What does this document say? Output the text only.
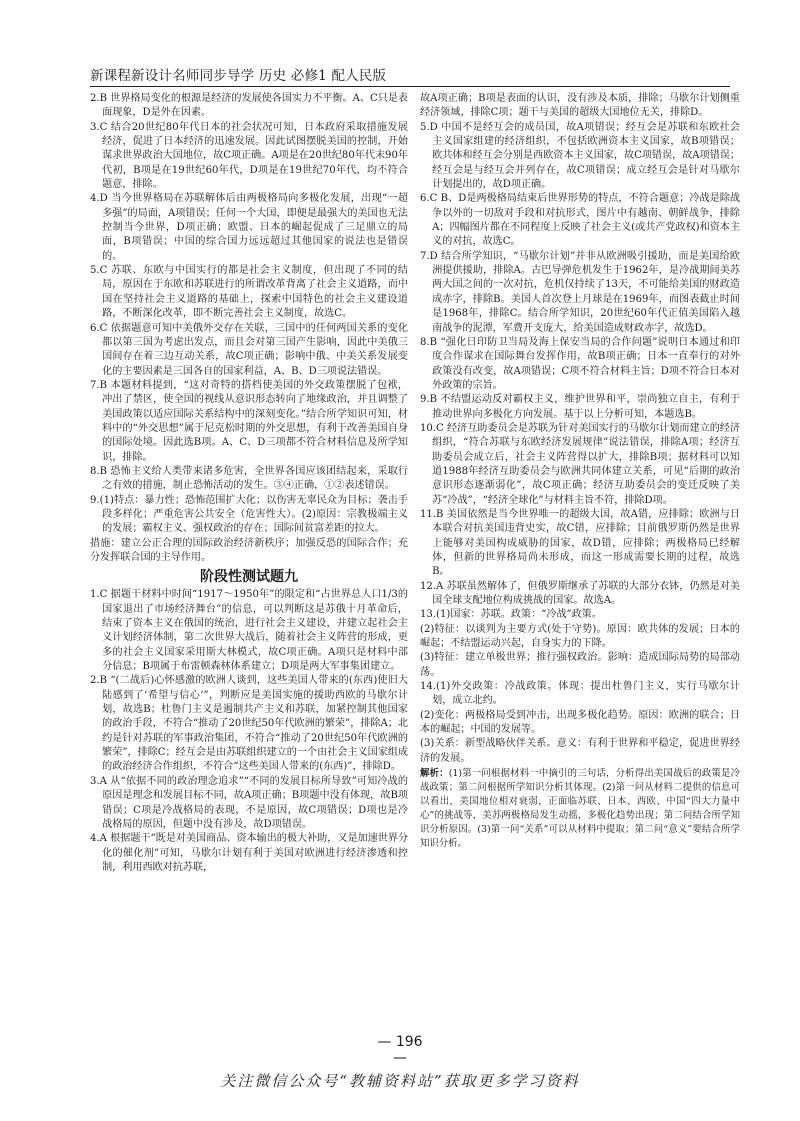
新课程新设计名师同步导学 历史 必修1 配人民版

2.B 世界格局变化的根源是经济的发展使各国实力不平衡。A、C只是表面现象，D是外在因素。

3.C 结合20世纪80年代日本的社会状况可知，日本政府采取措施发展经济，促进了日本经济的迅速发展。因此试图摆脱美国的控制，开始谋求世界政治大国地位，故C项正确。A项是在20世纪80年代末90年代初，B项是在19世纪60年代，D项是在19世纪70年代，均不符合题意，排除。

4.D 当今世界格局在苏联解体后由两极格局向多极化发展，出现“一超多强”的局面，A项错误；任何一个大国，即便是最强大的美国也无法控制当今世界，D项正确；欧盟、日本的崛起促成了三足鼎立的局面，B项错误；中国的综合国力远远超过其他国家的说法也是错误的。

5.C 苏联、东欧与中国实行的都是社会主义制度，但出现了不同的结局，原因在于东欧和苏联进行的所谓改革背离了社会主义道路，而中国在坚持社会主义道路的基础上，探索中国特色的社会主义建设道路，不断深化改革，即不断完善社会主义制度，故选C。

6.C 依据题意可知中美俄外交存在关联，三国中的任何两国关系的变化都以第三国为考虑出发点，而且会对第三国产生影响，因此中美俄三国间存在着三边互动关系，故C项正确；影响中俄、中美关系发展变化的主要因素是三国各自的国家利益，A、B、D三项说法错误。

7.B 本题材料提到，“这对奇特的搭档使美国的外交政策摆脱了包袱，冲出了禁区，使全国的视线从意识形态转向了地缘政治，并且调整了美国政策以适应国际关系结构中的深刻变化。”结合所学知识可知，材料中的“外交思想”属于尼克松时期的外交思想，有利于改善美国自身的国际处境。因此选B项。A、C、D三项都不符合材料信息及所学知识，排除。

8.B 恐怖主义给人类带来诸多危害，全世界各国应该团结起来，采取行之有效的措施，制止恐怖活动的发生。③④正确，①②表述错误。

9.(1)特点：暴力性；恐怖范围扩大化；以伤害无辜民众为目标；袭击手段多样化；严重危害公共安全（危害性大）。(2)原因：宗教极端主义的发展；霸权主义、强权政治的存在；国际间贫富差距的拉大。

措施：建立公正合理的国际政治经济新秩序；加强反恐的国际合作；充分发挥联合国的主导作用。

阶段性测试题九

1.C 据题干材料中时间“1917～1950年”的限定和“占世界总人口1/3的国家退出了市场经济舞台”的信息，可以判断这是苏俄十月革命后，结束了资本主义在俄国的统治，进行社会主义建设，并建立起社会主义计划经济体制，第二次世界大战后，随着社会主义阵营的形成，更多的社会主义国家采用斯大林模式，故C项正确。A项只是材料中部分信息；B项属于布雷顿森林体系建立；D项是两大军事集团建立。

2.B “(二战后)心怀感激的欧洲人谈到，这些美国人带来的(东西)使旧大陆感到了‘希望与信心’”，判断应是美国实施的援助西欧的马歇尔计划，故选B；杜鲁门主义是遏制共产主义和苏联，加紧控制其他国家的政治手段，不符合“推动了20世纪50年代欧洲的繁荣”，排除A；北约是针对苏联的军事政治集团，不符合“推动了20世纪50年代欧洲的繁荣”，排除C；经互会是由苏联组织建立的一个由社会主义国家组成的政治经济合作组织，不符合“这些美国人带来的(东西)”，排除D。

3.A 从“依据不同的政治理念追求”“不同的发展目标所导致”可知冷战的原因是理念和发展目标不同，故A项正确；B项题中没有体现，故B项错误；C项是冷战格局的表现，不是原因，故C项错误；D项也是冷战格局的原因，但题中没有涉及，故D项错误。

4.A 根据题干“既是对美国商品、资本输出的极大补助，又是加速世界分化的催化剂”可知，马歇尔计划有利于美国对欧洲进行经济渗透和控制，利用西欧对抗苏联，

故A项正确；B项是表面的认识，没有涉及本质，排除；马歇尔计划侧重经济领域，排除C项；题干与美国的超级大国地位无关，排除D。

5.D 中国不是经互会的成员国，故A项错误；经互会是苏联和东欧社会主义国家组建的经济组织，不包括欧洲资本主义国家，故B项错误；欧共体和经互会分别是西欧资本主义国家，故C项错误，故A项错误；经互会是与经互会并列存在，故C项错误；成立经互会是针对马歇尔计划提出的，故D项正确。

6.C B、D是两极格局结束后世界形势的特点，不符合题意；冷战是除战争以外的一切敌对手段和对抗形式，图片中有越南、朝鲜战争，排除A；四幅图片都在不同程度上反映了社会主义(或共产党政权)和资本主义的对抗，故选C。

7.D 结合所学知识，“马歇尔计划”并非从欧洲吸引援助，而是美国给欧洲提供援助，排除A。古巴导弹危机发生于1962年，是冷战期间美苏两大国之间的一次对抗，危机仅持续了13天，不可能给美国的财政造成赤字，排除B。美国人首次登上月球是在1969年，而图表截止时间是1968年，排除C。结合所学知识，20世纪60年代正值美国陷入越南战争的泥潭，军费开支庞大，给美国造成财政赤字，故选D。

8.B “强化日印防卫当局及海上保安当局的合作问题”说明日本通过和印度合作谋求在国际舞台发挥作用，故B项正确；日本一直奉行的对外政策没有改变，故A项错误；C项不符合材料主旨；D项不符合日本对外政策的宗旨。

9.B 不结盟运动反对霸权主义，维护世界和平，崇尚独立自主，有利于推动世界向多极化方向发展。基于以上分析可知，本题选B。

10.C 经济互助委员会是苏联为针对美国实行的马歇尔计划而建立的经济组织，“符合苏联与东欧经济发展规律”说法错误，排除A项；经济互助委员会成立后，社会主义阵营得以扩大，排除B项；据材料可以知道1988年经济互助委员会与欧洲共同体建立关系，可见“后期的政治意识形态逐渐弱化”，故C项正确；经济互助委员会的变迁反映了美苏“冷战”，“经济全球化”与材料主旨不符，排除D项。

11.B 美国依然是当今世界唯一的超级大国，故A错，应排除；欧洲与日本联合对抗美国违背史实，故C错，应排除；目前俄罗斯仍然是世界上能够对美国构成威胁的国家，故D错，应排除；两极格局已经解体，但新的世界格局尚未形成，而这一形成需要长期的过程，故选B。

12.A 苏联虽然解体了，但俄罗斯继承了苏联的大部分衣钵，仍然是对美国全球支配地位构成挑战的国家。故选A。

13.(1)国家：苏联。政策：“冷战”政策。

(2)特征：以谈判为主要方式(处于守势)。原因：欧共体的发展；日本的崛起；不结盟运动兴起，自身实力的下降。

(3)特征：建立单极世界；推行强权政治。影响：造成国际局势的局部动荡。

14.(1)外交政策：冷战政策。体现：提出杜鲁门主义，实行马歇尔计划，成立北约。

(2)变化：两极格局受到冲击，出现多极化趋势。原因：欧洲的联合；日本的崛起；中国的发展等。

(3)关系：新型战略伙伴关系。意义：有利于世界和平稳定，促进世界经济的发展。

解析：(1)第一问根据材料一中摘引的三句话，分析得出美国战后的政策是冷战政策；第二问根据所学知识分析其体现。(2)第一问从材料二提供的信息可以看出，美国地位相对衰弱，正面临苏联、日本、西欧、中国“四大力量中心”的挑战等，美苏两极格局发生动摇，多极化趋势出现；第二问结合所学知识分析原因。(3)第一问“关系”可以从材料中提取；第二问“意义”要结合所学知识分析。

— 196 —
关注微信公众号“教辅资料站”获取更多学习资料
